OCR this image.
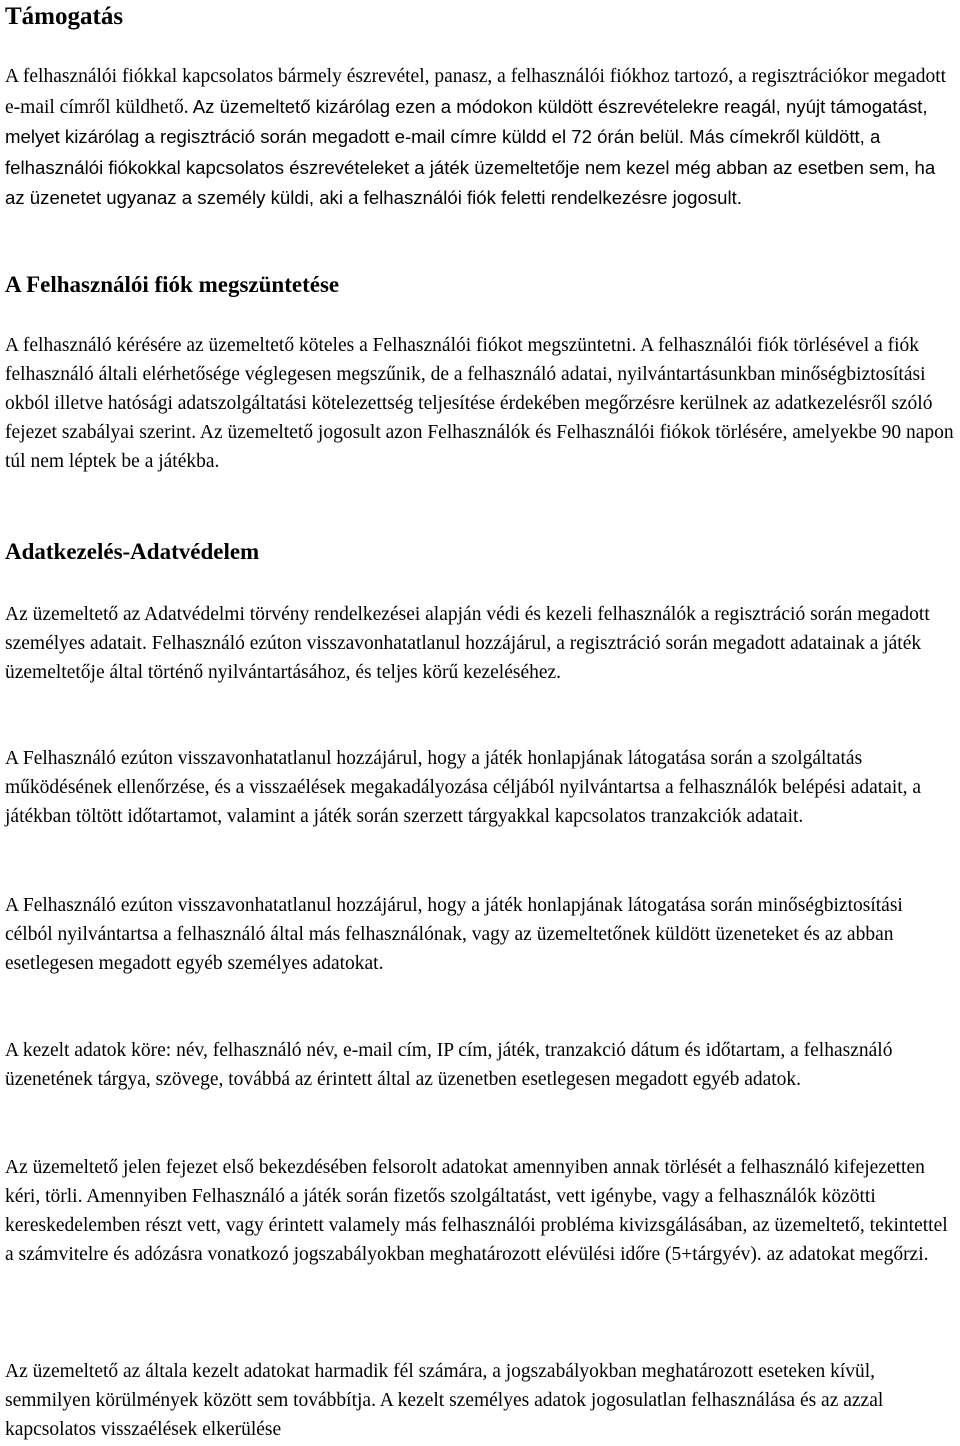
Támogatás

A felhasználói fiókkal kapcsolatos bármely észrevétel, panasz, a felhasználói fiókhoz tartozó, a regisztrációkor megadott e-mail címről küldhető. Az üzemeltető kizárólag ezen a módokon küldött észrevételekre reagál, nyújt támogatást, melyet kizárólag a regisztráció során megadott e-mail címre küldd el 72 órán belül. Más címekről küldött, a felhasználói fiókokkal kapcsolatos észrevételeket a játék üzemeltetője nem kezel még abban az esetben sem, ha az üzenetet ugyanaz a személy küldi, aki a felhasználói fiók feletti rendelkezésre jogosult.

A Felhasználói fiók megszüntetése

A felhasználó kérésére az üzemeltető köteles a Felhasználói fiókot megszüntetni. A felhasználói fiók törlésével a fiók felhasználó általi elérhetősége véglegesen megszűnik, de a felhasználó adatai, nyilvántartásunkban minőségbiztosítási okból illetve hatósági adatszolgáltatási kötelezettség teljesítése érdekében megőrzésre kerülnek az adatkezelésről szóló fejezet szabályai szerint. Az üzemeltető jogosult azon Felhasználók és Felhasználói fiókok törlésére, amelyekbe 90 napon túl nem léptek be a játékba.

Adatkezelés-Adatvédelem

Az üzemeltető az Adatvédelmi törvény rendelkezései alapján védi és kezeli felhasználók a regisztráció során megadott személyes adatait. Felhasználó ezúton visszavonhatatlanul hozzájárul, a regisztráció során megadott adatainak a játék üzemeltetője által történő nyilvántartásához, és teljes körű kezeléséhez.

A Felhasználó ezúton visszavonhatatlanul hozzájárul, hogy a játék honlapjának látogatása során a szolgáltatás működésének ellenőrzése, és a visszaélések megakadályozása céljából nyilvántartsa a felhasználók belépési adatait, a játékban töltött időtartamot, valamint a játék során szerzett tárgyakkal kapcsolatos tranzakciók adatait.

A Felhasználó ezúton visszavonhatatlanul hozzájárul, hogy a játék honlapjának látogatása során minőségbiztosítási célból nyilvántartsa a felhasználó által más felhasználónak, vagy az üzemeltetőnek küldött üzeneteket és az abban esetlegesen megadott egyéb személyes adatokat.

A kezelt adatok köre: név, felhasználó név, e-mail cím, IP cím, játék, tranzakció dátum és időtartam, a felhasználó üzenetének tárgya, szövege, továbbá az érintett által az üzenetben esetlegesen megadott egyéb adatok.

Az üzemeltető jelen fejezet első bekezdésében felsorolt adatokat amennyiben annak törlését a felhasználó kifejezetten kéri, törli. Amennyiben Felhasználó a játék során fizetős szolgáltatást, vett igénybe, vagy a felhasználók közötti kereskedelemben részt vett, vagy érintett valamely más felhasználói probléma kivizsgálásában, az üzemeltető, tekintettel a számvitelre és adózásra vonatkozó jogszabályokban meghatározott elévülési időre (5+tárgyév). az adatokat megőrzi.

Az üzemeltető az általa kezelt adatokat harmadik fél számára, a jogszabályokban meghatározott eseteken kívül, semmilyen körülmények között sem továbbítja. A kezelt személyes adatok jogosulatlan felhasználása és az azzal kapcsolatos visszaélések elkerülése
